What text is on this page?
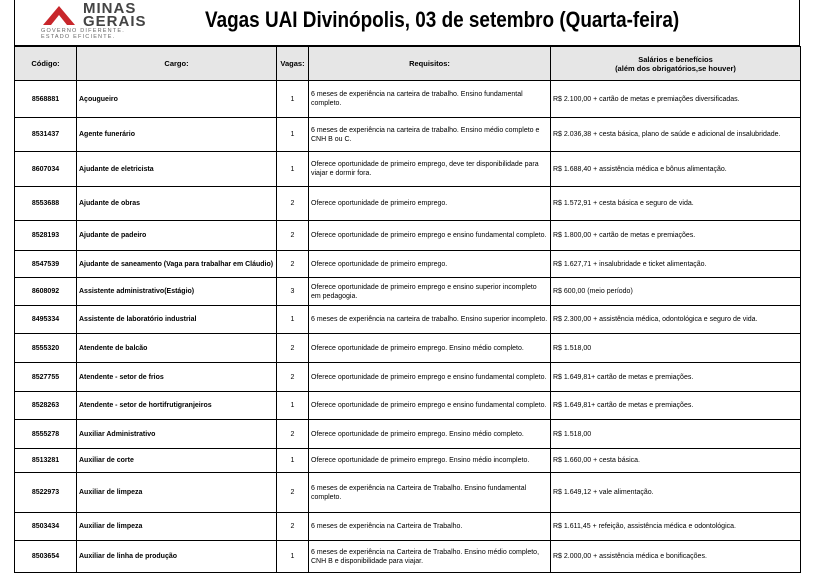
MINAS
GERAIS
GOVERNO DIFERENTE.
ESTADO EFICIENTE.
Vagas UAI Divinópolis, 03 de setembro (Quarta-feira)
Código:	Cargo:	Vagas:	Requisitos:	Salários e benefícios
(além dos obrigatórios,se houver)

8568881	Açougueiro	1	6 meses de experiência na carteira de trabalho. Ensino fundamental completo.	R$ 2.100,00 + cartão de metas e premiações diversificadas.
8531437	Agente funerário	1	6 meses de experiência na carteira de trabalho. Ensino médio completo e CNH B ou C.	R$ 2.036,38 + cesta básica, plano de saúde e adicional de insalubridade.
8607034	Ajudante de eletricista	1	Oferece oportunidade de primeiro emprego, deve ter disponibilidade para viajar e dormir fora.	R$ 1.688,40 + assistência médica e bônus alimentação.
8553688	Ajudante de obras	2	Oferece oportunidade de primeiro emprego.	R$ 1.572,91 + cesta básica e seguro de vida.
8528193	Ajudante de padeiro	2	Oferece oportunidade de primeiro emprego e ensino fundamental completo.	R$ 1.800,00 + cartão de metas e premiações.
8547539	Ajudante de saneamento (Vaga para trabalhar em Cláudio)	2	Oferece oportunidade de primeiro emprego.	R$ 1.627,71 + insalubridade e ticket alimentação.
8608092	Assistente administrativo(Estágio)	3	Oferece oportunidade de primeiro emprego e ensino superior incompleto em pedagogia.	R$ 600,00 (meio período)
8495334	Assistente de laboratório industrial	1	6 meses de experiência na carteira de trabalho. Ensino superior incompleto.	R$ 2.300,00 + assistência médica, odontológica e seguro de vida.
8555320	Atendente de balcão	2	Oferece oportunidade de primeiro emprego. Ensino médio completo.	R$ 1.518,00
8527755	Atendente - setor de frios	2	Oferece oportunidade de primeiro emprego e ensino fundamental completo.	R$ 1.649,81+ cartão de metas e premiações.
8528263	Atendente - setor de hortifrutigranjeiros	1	Oferece oportunidade de primeiro emprego e ensino fundamental completo.	R$ 1.649,81+ cartão de metas e premiações.
8555278	Auxiliar Administrativo	2	Oferece oportunidade de primeiro emprego. Ensino médio completo.	R$ 1.518,00
8513281	Auxiliar de corte	1	Oferece oportunidade de primeiro emprego. Ensino médio incompleto.	R$ 1.660,00 + cesta básica.
8522973	Auxiliar de limpeza	2	6 meses de experiência na Carteira de Trabalho. Ensino fundamental completo.	R$ 1.649,12 + vale alimentação.
8503434	Auxiliar de limpeza	2	6 meses de experiência na Carteira de Trabalho.	R$ 1.611,45 + refeição, assistência médica e odontológica.
8503654	Auxiliar de linha de produção	1	6 meses de experiência na Carteira de Trabalho. Ensino médio completo, CNH B e disponibilidade para viajar.	R$ 2.000,00 + assistência médica e bonificações.
